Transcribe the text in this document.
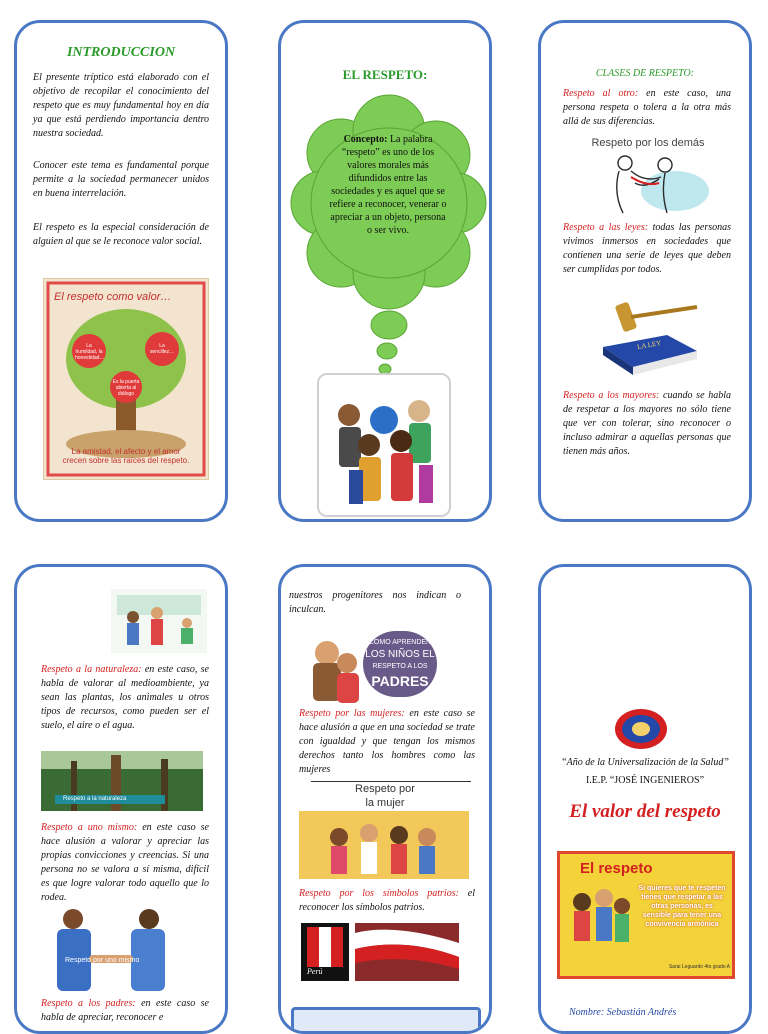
INTRODUCCION

El presente tríptico está elaborado con el objetivo de recopilar el conocimiento del respeto que es muy fundamental hoy en día ya que está perdiendo importancia dentro nuestra sociedad.

Conocer este tema es fundamental porque permite a la sociedad permanecer unidos en buena interrelación.

El respeto es la especial consideración de alguien al que se le reconoce valor social.

El respeto como valor…
La humildad, la honestidad…
La sencillez…
Es la puerta abierta al diálogo
La amistad, el afecto y el amor crecen sobre las raíces del respeto.
EL RESPETO:

Concepto: La palabra “respeto” es uno de los valores morales más difundidos entre las sociedades y es aquel que se refiere a reconocer, venerar o apreciar a un objeto, persona o ser vivo.

CLASES DE RESPETO:

Respeto al otro: en este caso, una persona respeta o tolera a la otra más allá de sus diferencias.

Respeto por los demás

Respeto a las leyes: todas las personas vivimos inmersos en sociedades que contienen una serie de leyes que deben ser cumplidas por todos.

LA LEY

Respeto a los mayores: cuando se habla de respetar a los mayores no sólo tiene que ver con tolerar, sino reconocer o incluso admirar a aquellas personas que tienen más años.

Respeto a la naturaleza: en este caso, se habla de valorar al medioambiente, ya sean las plantas, los animales u otros tipos de recursos, como pueden ser el suelo, el aire o el agua.

Respeto a la naturaleza

Respeto a uno mismo: en este caso se hace alusión a valorar y apreciar las propias convicciones y creencias. Si una persona no se valora a sí misma, difícil es que logre valorar todo aquello que lo rodea.

Respeto por uno mismo

Respeto a los padres: en este caso se habla de apreciar, reconocer e

nuestros progenitores nos indican o inculcan.

COMO APRENDEN
LOS NIÑOS EL
RESPETO A LOS
PADRES

Respeto por las mujeres: en este caso se hace alusión a que en una sociedad se trate con igualdad y que tengan los mismos derechos tanto los hombres como las mujeres

Respeto por
la mujer

Respeto por los símbolos patrios: el reconocer los símbolos patrios.

Perú
“Año de la Universalización de la Salud”
I.E.P. “JOSÉ INGENIEROS”
El valor del respeto
El respeto
Si quieres que te respeten tienes que respetar a las otras personas, es sensible para tener una convivencia armónica
Sarai Leguardo 4to grado A
Nombre: Sebastián Andrés
